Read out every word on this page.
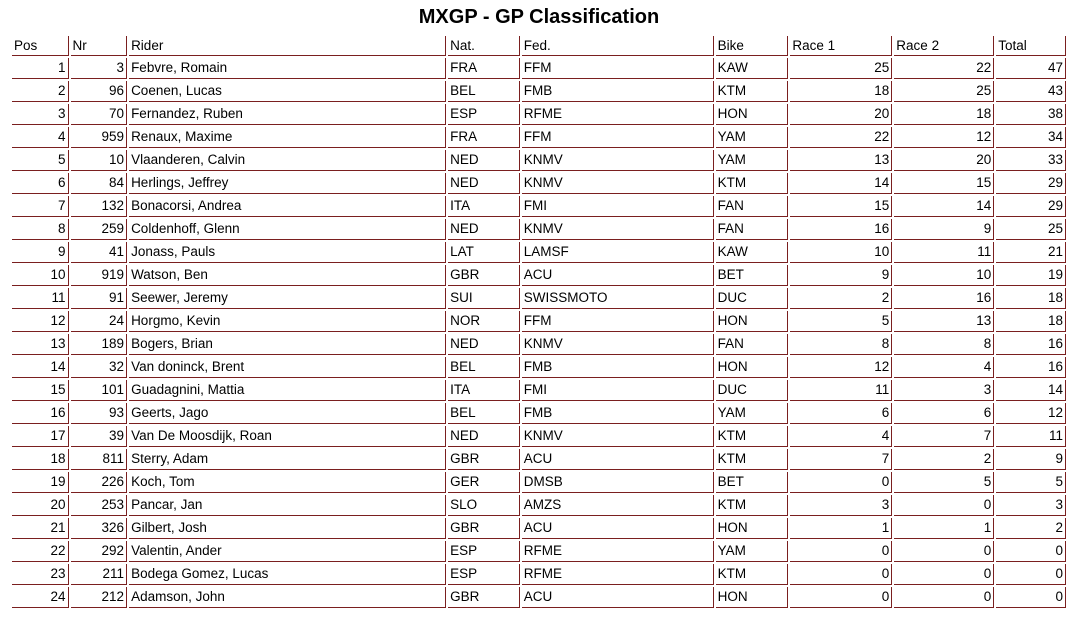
MXGP - GP Classification
Pos	Nr	Rider	Nat.	Fed.	Bike	Race 1	Race 2	Total
1	3	Febvre, Romain	FRA	FFM	KAW	25	22	47
2	96	Coenen, Lucas	BEL	FMB	KTM	18	25	43
3	70	Fernandez, Ruben	ESP	RFME	HON	20	18	38
4	959	Renaux, Maxime	FRA	FFM	YAM	22	12	34
5	10	Vlaanderen, Calvin	NED	KNMV	YAM	13	20	33
6	84	Herlings, Jeffrey	NED	KNMV	KTM	14	15	29
7	132	Bonacorsi, Andrea	ITA	FMI	FAN	15	14	29
8	259	Coldenhoff, Glenn	NED	KNMV	FAN	16	9	25
9	41	Jonass, Pauls	LAT	LAMSF	KAW	10	11	21
10	919	Watson, Ben	GBR	ACU	BET	9	10	19
11	91	Seewer, Jeremy	SUI	SWISSMOTO	DUC	2	16	18
12	24	Horgmo, Kevin	NOR	FFM	HON	5	13	18
13	189	Bogers, Brian	NED	KNMV	FAN	8	8	16
14	32	Van doninck, Brent	BEL	FMB	HON	12	4	16
15	101	Guadagnini, Mattia	ITA	FMI	DUC	11	3	14
16	93	Geerts, Jago	BEL	FMB	YAM	6	6	12
17	39	Van De Moosdijk, Roan	NED	KNMV	KTM	4	7	11
18	811	Sterry, Adam	GBR	ACU	KTM	7	2	9
19	226	Koch, Tom	GER	DMSB	BET	0	5	5
20	253	Pancar, Jan	SLO	AMZS	KTM	3	0	3
21	326	Gilbert, Josh	GBR	ACU	HON	1	1	2
22	292	Valentin, Ander	ESP	RFME	YAM	0	0	0
23	211	Bodega Gomez, Lucas	ESP	RFME	KTM	0	0	0
24	212	Adamson, John	GBR	ACU	HON	0	0	0
